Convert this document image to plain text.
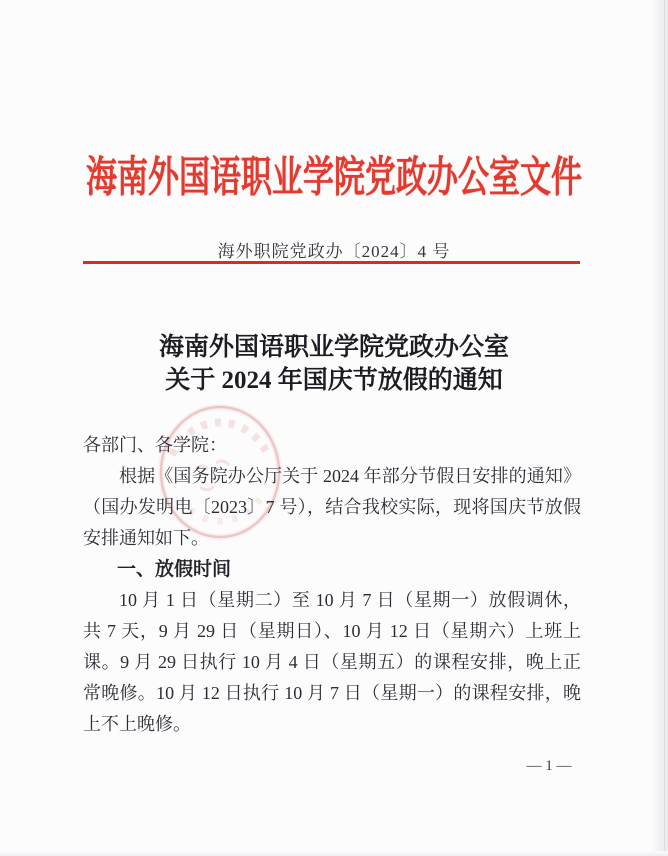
海南外国语职业学院党政办公室文件
海外职院党政办〔2024〕4 号
海南外国语职业学院党政办公室
关于 2024 年国庆节放假的通知

各部门、各学院：

根据《国务院办公厅关于 2024 年部分节假日安排的通知》（国办发明电〔2023〕7 号），结合我校实际，现将国庆节放假安排通知如下。

一、放假时间

10 月 1 日（星期二）至 10 月 7 日（星期一）放假调休，共 7 天，9 月 29 日（星期日）、10 月 12 日（星期六）上班上课。9 月 29 日执行 10 月 4 日（星期五）的课程安排，晚上正常晚修。10 月 12 日执行 10 月 7 日（星期一）的课程安排，晚上不上晚修。

— 1 —
